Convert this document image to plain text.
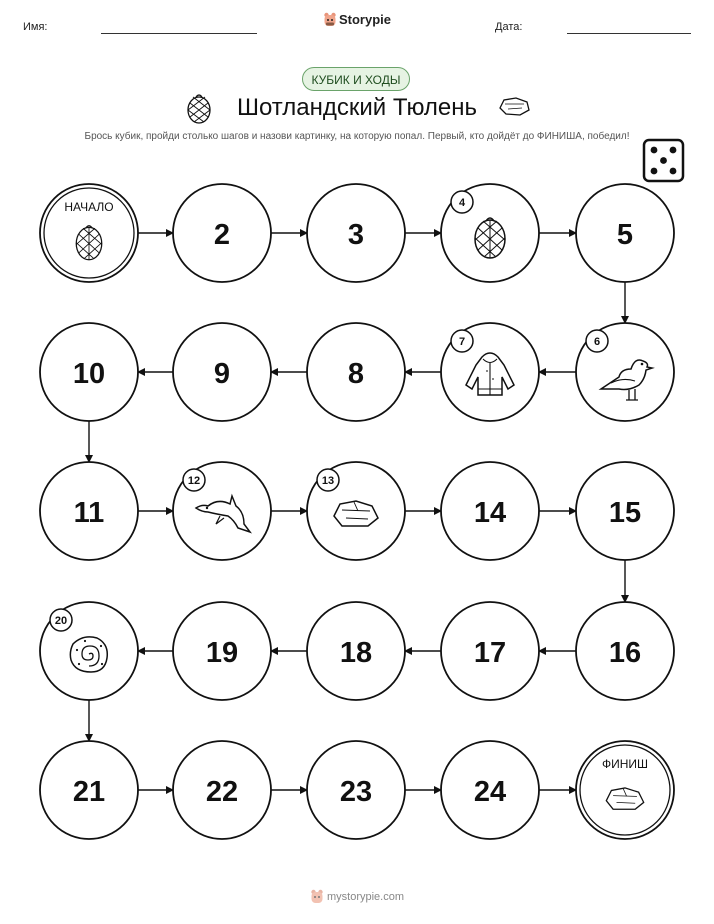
Имя:	Storypie	Дата:
КУБИК И ХОДЫ
Шотландский Тюлень
Брось кубик, пройди столько шагов и назови картинку, на которую попал. Первый, кто дойдёт до ФИНИША, победил!
НАЧАЛО
2	3
4
5
6
7
8
9
10
11
12	13
14	15
16
17
18
19
20
21	22	23	24
ФИНИШ
mystorypie.com
